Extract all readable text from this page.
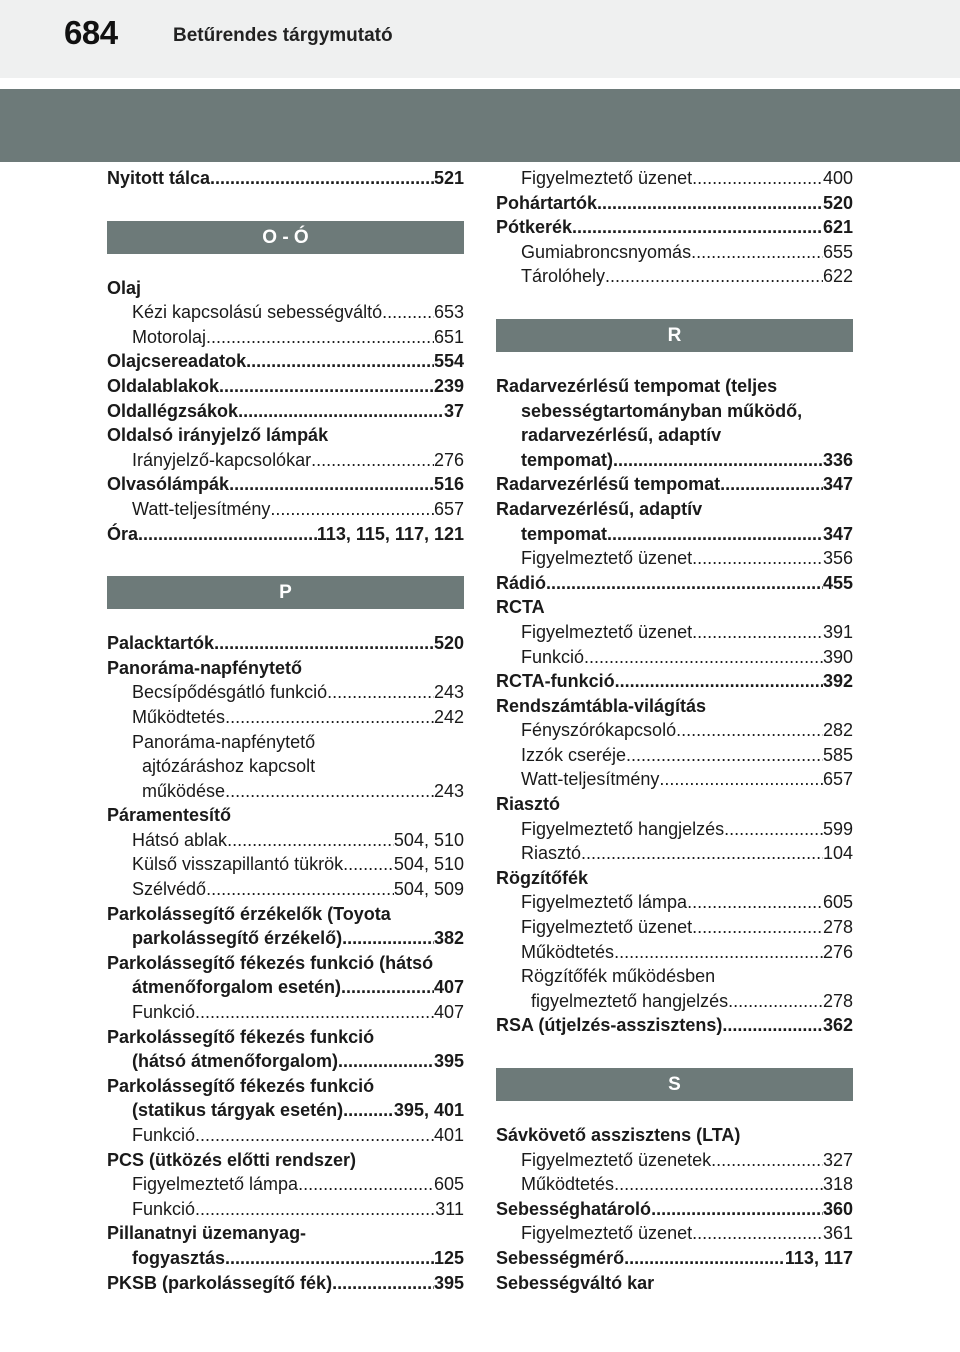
684	Betűrendes tárgymutató
Nyitott tálca .....	521
O - Ó
Olaj
Kézi kapcsolású sebességváltó .....	653
Motorolaj .....	651
Olajcsereadatok .....	554
Oldalablakok .....	239
Oldallégzsákok .....	37
Oldalsó irányjelző lámpák
Irányjelző-kapcsolókar .....	276
Olvasólámpák .....	516
Watt-teljesítmény .....	657
Óra .....	113, 115, 117, 121
P
Palacktartók .....	520
Panoráma-napfénytető
Becsípődésgátló funkció .....	243
Működtetés .....	242
Panoráma-napfénytető
ajtózáráshoz kapcsolt
működése .....	243
Páramentesítő
Hátsó ablak .....	504, 510
Külső visszapillantó tükrök .....	504, 510
Szélvédő .....	504, 509
Parkolássegítő érzékelők (Toyota
parkolássegítő érzékelő) .....	382
Parkolássegítő fékezés funkció (hátsó
átmenőforgalom esetén) .....	407
Funkció .....	407
Parkolássegítő fékezés funkció
(hátsó átmenőforgalom) .....	395
Parkolássegítő fékezés funkció
(statikus tárgyak esetén) .....	395, 401
Funkció .....	401
PCS (ütközés előtti rendszer)
Figyelmeztető lámpa .....	605
Funkció .....	311
Pillanatnyi üzemanyag-
fogyasztás .....	125
PKSB (parkolássegítő fék) .....	395
Figyelmeztető üzenet .....	400
Pohártartók .....	520
Pótkerék .....	621
Gumiabroncsnyomás .....	655
Tárolóhely .....	622
R
Radarvezérlésű tempomat (teljes
sebességtartományban működő,
radarvezérlésű, adaptív
tempomat) .....	336
Radarvezérlésű tempomat .....	347
Radarvezérlésű, adaptív
tempomat .....	347
Figyelmeztető üzenet .....	356
Rádió .....	455
RCTA
Figyelmeztető üzenet .....	391
Funkció .....	390
RCTA-funkció .....	392
Rendszámtábla-világítás
Fényszórókapcsoló .....	282
Izzók cseréje .....	585
Watt-teljesítmény .....	657
Riasztó
Figyelmeztető hangjelzés .....	599
Riasztó .....	104
Rögzítőfék
Figyelmeztető lámpa .....	605
Figyelmeztető üzenet .....	278
Működtetés .....	276
Rögzítőfék működésben
figyelmeztető hangjelzés .....	278
RSA (útjelzés-asszisztens) .....	362
S
Sávkövető asszisztens (LTA)
Figyelmeztető üzenetek .....	327
Működtetés .....	318
Sebességhatároló .....	360
Figyelmeztető üzenet .....	361
Sebességmérő .....	113, 117
Sebességváltó kar
